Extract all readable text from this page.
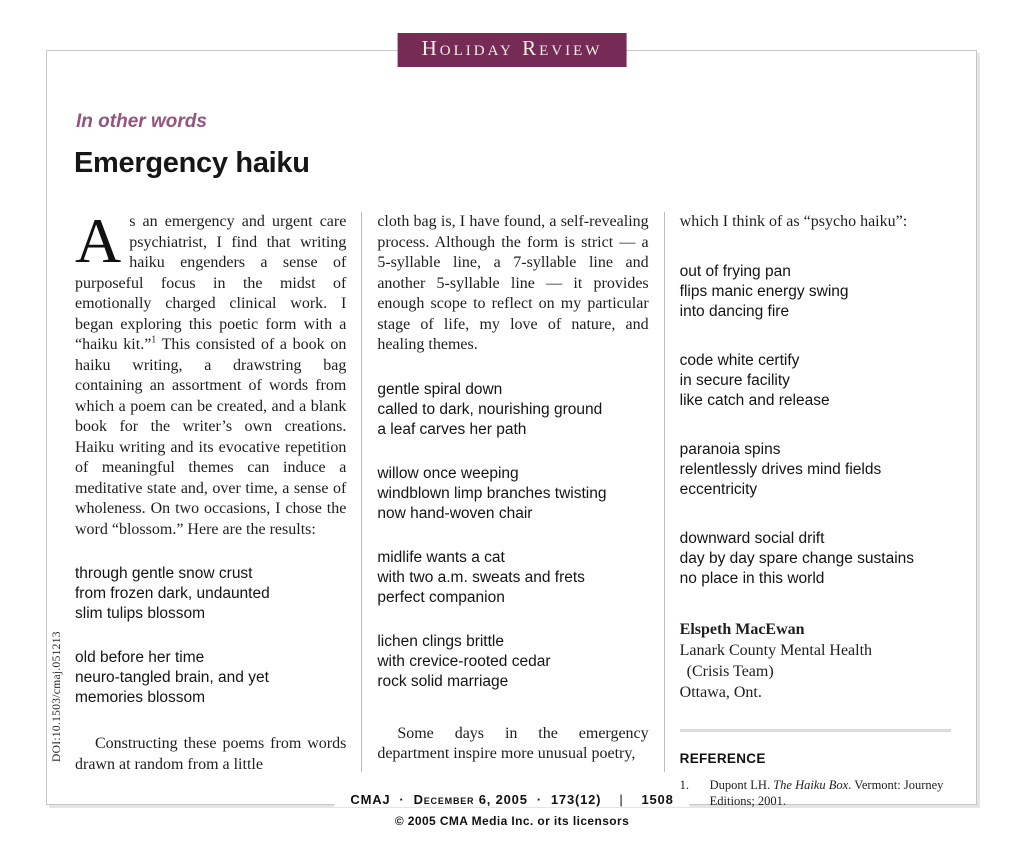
Holiday Review
In other words
Emergency haiku
DOI:10.1503/cmaj.051213

As an emergency and urgent care psychiatrist, I find that writing haiku engenders a sense of purposeful focus in the midst of emotionally charged clinical work. I began exploring this poetic form with a “haiku kit.”$^1$ This consisted of a book on haiku writing, a drawstring bag containing an assortment of words from which a poem can be created, and a blank book for the writer’s own creations. Haiku writing and its evocative repetition of meaningful themes can induce a meditative state and, over time, a sense of wholeness. On two occasions, I chose the word “blossom.” Here are the results:

through gentle snow crust
from frozen dark, undaunted
slim tulips blossom
old before her time
neuro-tangled brain, and yet
memories blossom

Constructing these poems from words drawn at random from a little

cloth bag is, I have found, a self-revealing process. Although the form is strict — a 5-syllable line, a 7-syllable line and another 5-syllable line — it provides enough scope to reflect on my particular stage of life, my love of nature, and healing themes.

gentle spiral down
called to dark, nourishing ground
a leaf carves her path
willow once weeping
windblown limp branches twisting
now hand-woven chair
midlife wants a cat
with two a.m. sweats and frets
perfect companion
lichen clings brittle
with crevice-rooted cedar
rock solid marriage

Some days in the emergency department inspire more unusual poetry,

which I think of as “psycho haiku”:

out of frying pan
flips manic energy swing
into dancing fire
code white certify
in secure facility
like catch and release
paranoia spins
relentlessly drives mind fields
eccentricity
downward social drift
day by day spare change sustains
no place in this world
Elspeth MacEwan
Lanark County Mental Health
(Crisis Team)
Ottawa, Ont.
REFERENCE
1.	Dupont LH. The Haiku Box. Vermont: Journey Editions; 2001.
CMAJ · December 6, 2005 · 173(12) | 1508
© 2005 CMA Media Inc. or its licensors
